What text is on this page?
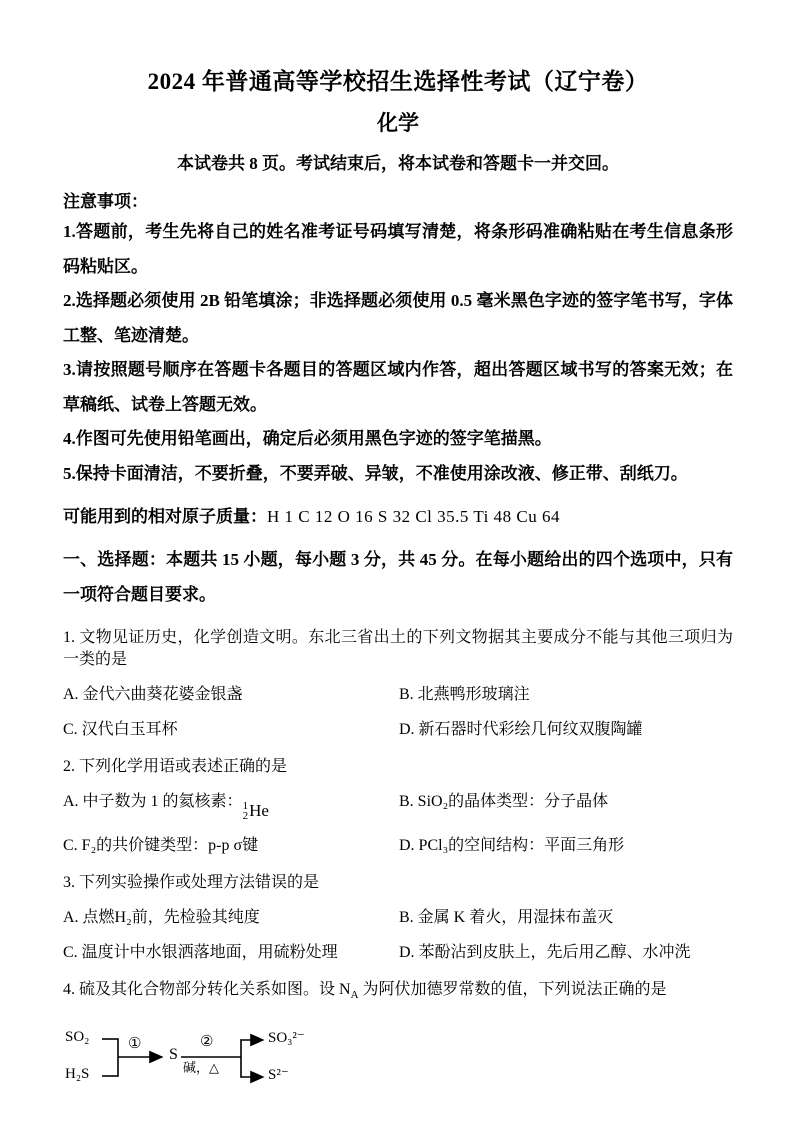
2024 年普通高等学校招生选择性考试（辽宁卷）
化学

本试卷共 8 页。考试结束后，将本试卷和答题卡一并交回。

注意事项：

1.答题前，考生先将自己的姓名准考证号码填写清楚，将条形码准确粘贴在考生信息条形码粘贴区。

2.选择题必须使用 2B 铅笔填涂；非选择题必须使用 0.5 毫米黑色字迹的签字笔书写，字体工整、笔迹清楚。

3.请按照题号顺序在答题卡各题目的答题区域内作答，超出答题区域书写的答案无效；在草稿纸、试卷上答题无效。

4.作图可先使用铅笔画出，确定后必须用黑色字迹的签字笔描黑。

5.保持卡面清洁，不要折叠，不要弄破、异皱，不准使用涂改液、修正带、刮纸刀。

可能用到的相对原子质量：H 1 C 12 O 16 S 32 Cl 35.5 Ti 48 Cu 64

一、选择题：本题共 15 小题，每小题 3 分，共 45 分。在每小题给出的四个选项中，只有一项符合题目要求。

1. 文物见证历史，化学创造文明。东北三省出土的下列文物据其主要成分不能与其他三项归为一类的是

A. 金代六曲葵花婆金银盏	B. 北燕鸭形玻璃注
C. 汉代白玉耳杯	D. 新石器时代彩绘几何纹双腹陶罐

2. 下列化学用语或表述正确的是

A. 中子数为 1 的氦核素： 1
2 He	B. SiO₂的晶体类型：分子晶体
C. F₂的共价键类型：p-p σ键	D. PCl₃的空间结构：平面三角形

3. 下列实验操作或处理方法错误的是

A. 点燃H₂前，先检验其纯度	B. 金属 K 着火，用湿抹布盖灭
C. 温度计中水银洒落地面，用硫粉处理	D. 苯酚沾到皮肤上，先后用乙醇、水冲洗

4. 硫及其化合物部分转化关系如图。设 $N_A$ 为阿伏加德罗常数的值，下列说法正确的是

SO₂
H₂S
①
S
②
碱，△
SO₃²⁻
S²⁻
